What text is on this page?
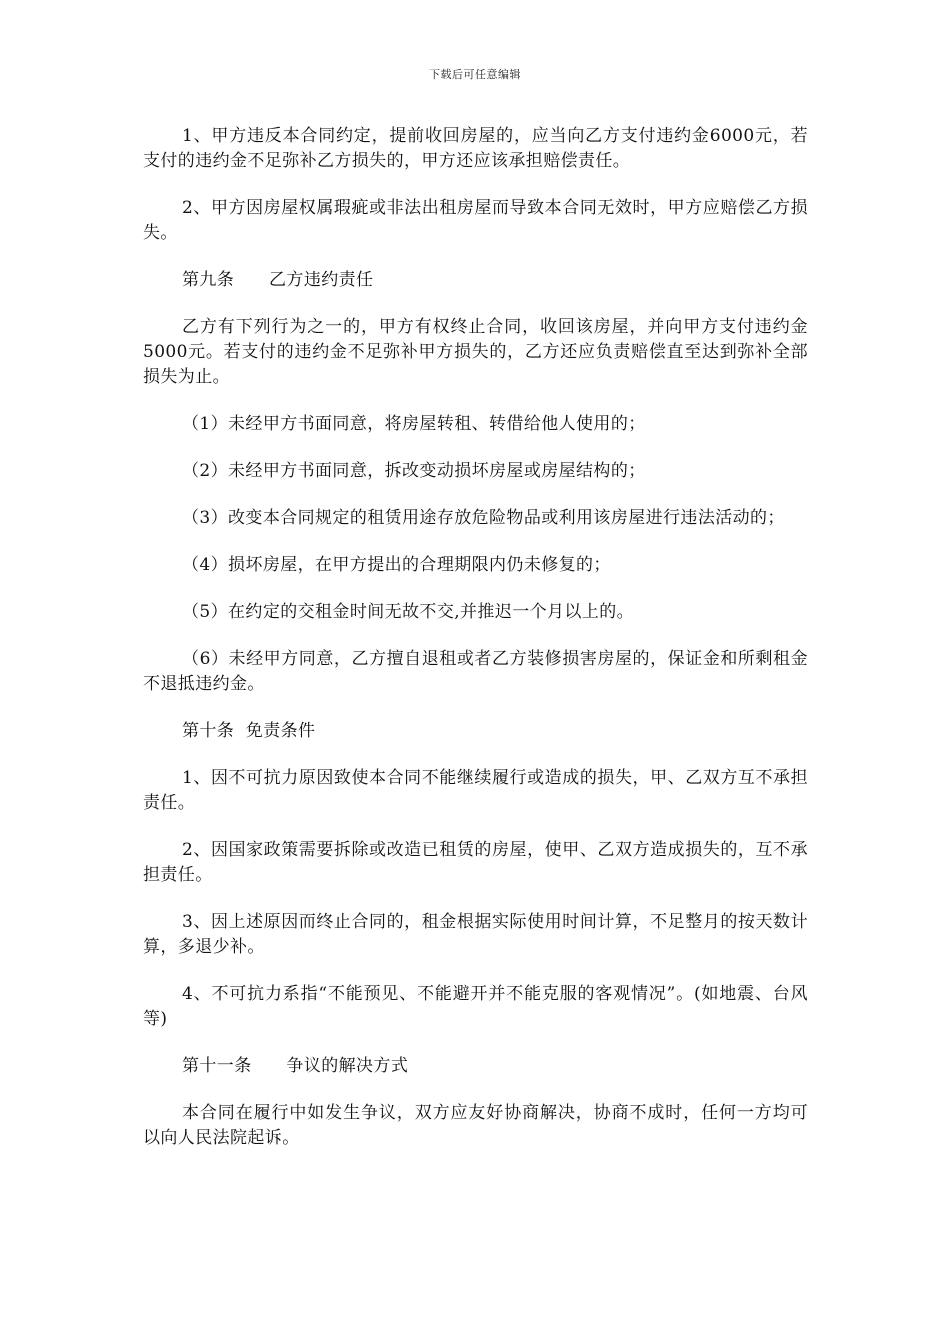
下载后可任意编辑

1、甲方违反本合同约定，提前收回房屋的，应当向乙方支付违约金6000元，若支付的违约金不足弥补乙方损失的，甲方还应该承担赔偿责任。

2、甲方因房屋权属瑕疵或非法出租房屋而导致本合同无效时，甲方应赔偿乙方损失。

第九条      乙方违约责任

乙方有下列行为之一的，甲方有权终止合同，收回该房屋，并向甲方支付违约金5000元。若支付的违约金不足弥补甲方损失的，乙方还应负责赔偿直至达到弥补全部损失为止。

（1）未经甲方书面同意，将房屋转租、转借给他人使用的；

（2）未经甲方书面同意，拆改变动损坏房屋或房屋结构的；

（3）改变本合同规定的租赁用途存放危险物品或利用该房屋进行违法活动的；

（4）损坏房屋，在甲方提出的合理期限内仍未修复的；

（5）在约定的交租金时间无故不交,并推迟一个月以上的。

（6）未经甲方同意，乙方擅自退租或者乙方装修损害房屋的，保证金和所剩租金不退抵违约金。

第十条  免责条件

1、因不可抗力原因致使本合同不能继续履行或造成的损失，甲、乙双方互不承担责任。

2、因国家政策需要拆除或改造已租赁的房屋，使甲、乙双方造成损失的，互不承担责任。

3、因上述原因而终止合同的，租金根据实际使用时间计算，不足整月的按天数计算，多退少补。

4、不可抗力系指“不能预见、不能避开并不能克服的客观情况”。(如地震、台风等)

第十一条      争议的解决方式

本合同在履行中如发生争议，双方应友好协商解决，协商不成时，任何一方均可以向人民法院起诉。
